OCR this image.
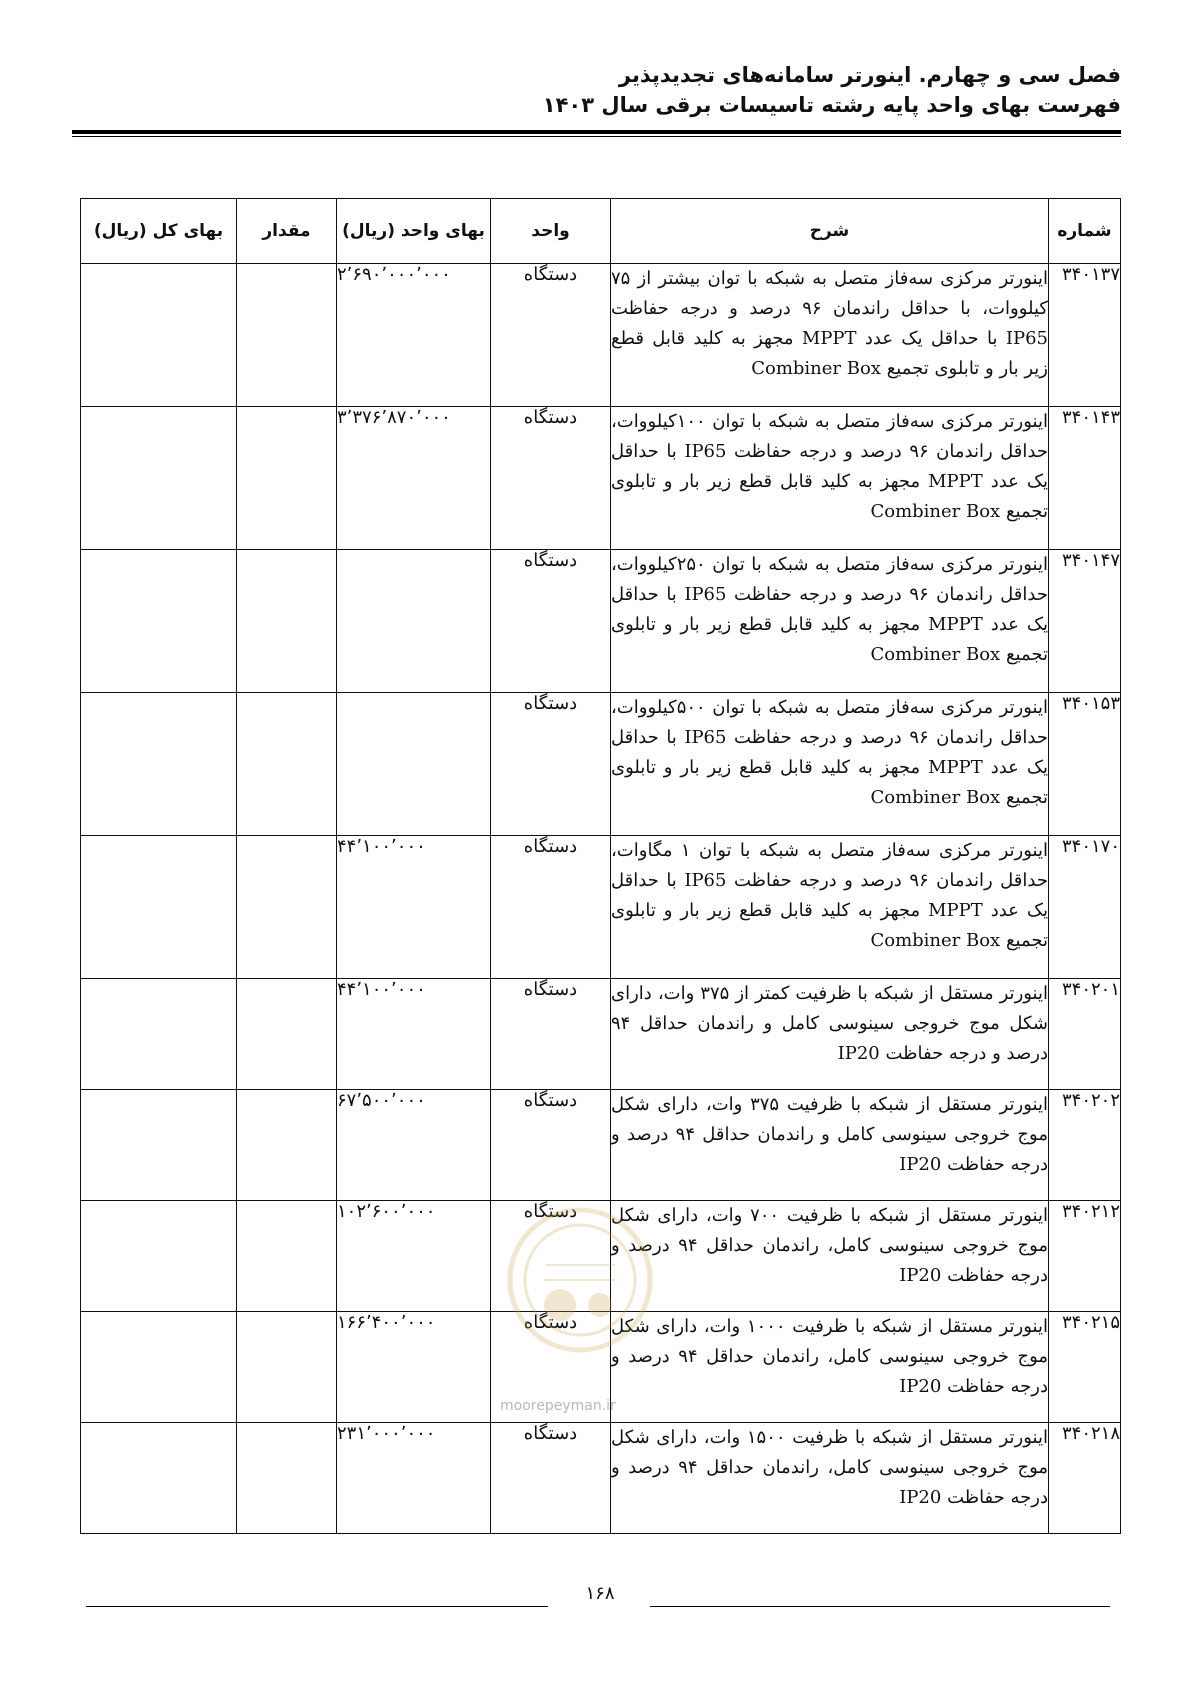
فصل سی و چهارم. اینورتر سامانه‌های تجدیدپذیر
فهرست بهای واحد پایه رشته تاسیسات برقی سال ۱۴۰۳
شماره	شرح	واحد	بهای واحد (ریال)	مقدار	بهای کل (ریال)
۳۴۰۱۳۷	اینورتر مرکزی سه‌فاز متصل به شبکه با توان بیشتر از ۷۵ کیلووات، با حداقل راندمان ۹۶ درصد و درجه حفاظت IP65 با حداقل یک عدد MPPT مجهز به کلید قابل قطع زیر بار و تابلوی تجمیع Combiner Box	دستگاه	۲٬۶۹۰٬۰۰۰٬۰۰۰		
۳۴۰۱۴۳	اینورتر مرکزی سه‌فاز متصل به شبکه با توان ۱۰۰کیلووات، حداقل راندمان ۹۶ درصد و درجه حفاظت IP65 با حداقل یک عدد MPPT مجهز به کلید قابل قطع زیر بار و تابلوی تجمیع Combiner Box	دستگاه	۳٬۳۷۶٬۸۷۰٬۰۰۰		
۳۴۰۱۴۷	اینورتر مرکزی سه‌فاز متصل به شبکه با توان ۲۵۰کیلووات، حداقل راندمان ۹۶ درصد و درجه حفاظت IP65 با حداقل یک عدد MPPT مجهز به کلید قابل قطع زیر بار و تابلوی تجمیع Combiner Box	دستگاه			
۳۴۰۱۵۳	اینورتر مرکزی سه‌فاز متصل به شبکه با توان ۵۰۰کیلووات، حداقل راندمان ۹۶ درصد و درجه حفاظت IP65 با حداقل یک عدد MPPT مجهز به کلید قابل قطع زیر بار و تابلوی تجمیع Combiner Box	دستگاه			
۳۴۰۱۷۰	اینورتر مرکزی سه‌فاز متصل به شبکه با توان ۱ مگاوات، حداقل راندمان ۹۶ درصد و درجه حفاظت IP65 با حداقل یک عدد MPPT مجهز به کلید قابل قطع زیر بار و تابلوی تجمیع Combiner Box	دستگاه	۴۴٬۱۰۰٬۰۰۰		
۳۴۰۲۰۱	اینورتر مستقل از شبکه با ظرفیت کمتر از ۳۷۵ وات، دارای شکل موج خروجی سینوسی کامل و راندمان حداقل ۹۴ درصد و درجه حفاظت IP20	دستگاه	۴۴٬۱۰۰٬۰۰۰		
۳۴۰۲۰۲	اینورتر مستقل از شبکه با ظرفیت ۳۷۵ وات، دارای شکل موج خروجی سینوسی کامل و راندمان حداقل ۹۴ درصد و درجه حفاظت IP20	دستگاه	۶۷٬۵۰۰٬۰۰۰		
۳۴۰۲۱۲	اینورتر مستقل از شبکه با ظرفیت ۷۰۰ وات، دارای شکل موج خروجی سینوسی کامل، راندمان حداقل ۹۴ درصد و درجه حفاظت IP20	دستگاه	۱۰۲٬۶۰۰٬۰۰۰		
۳۴۰۲۱۵	اینورتر مستقل از شبکه با ظرفیت ۱۰۰۰ وات، دارای شکل موج خروجی سینوسی کامل، راندمان حداقل ۹۴ درصد و درجه حفاظت IP20	دستگاه	۱۶۶٬۴۰۰٬۰۰۰		
۳۴۰۲۱۸	اینورتر مستقل از شبکه با ظرفیت ۱۵۰۰ وات، دارای شکل موج خروجی سینوسی کامل، راندمان حداقل ۹۴ درصد و درجه حفاظت IP20	دستگاه	۲۳۱٬۰۰۰٬۰۰۰		
moorepeyman.ir
۱۶۸
